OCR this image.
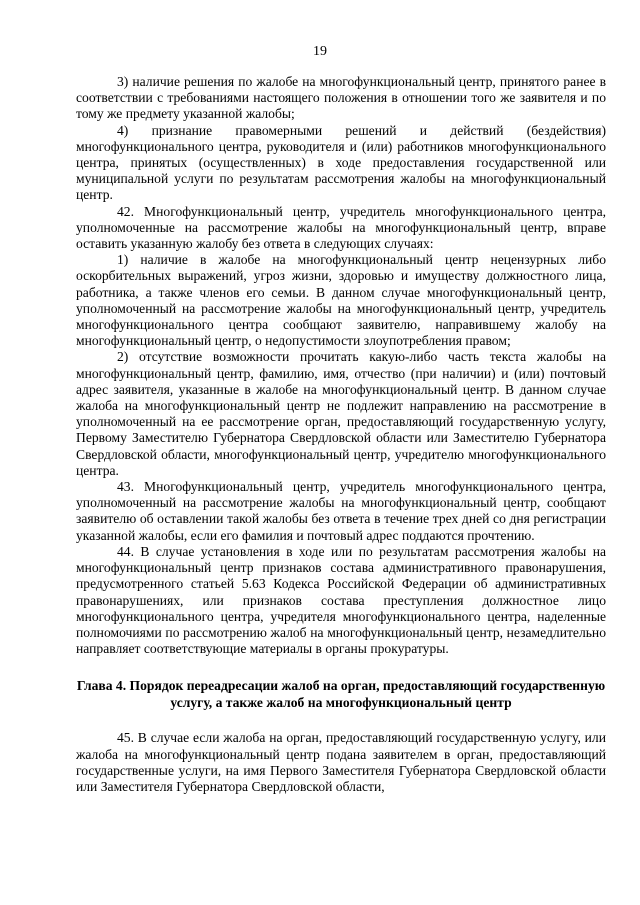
19

3) наличие решения по жалобе на многофункциональный центр, принятого ранее в соответствии с требованиями настоящего положения в отношении того же заявителя и по тому же предмету указанной жалобы;

4) признание правомерными решений и действий (бездействия) многофункционального центра, руководителя и (или) работников многофункционального центра, принятых (осуществленных) в ходе предоставления государственной или муниципальной услуги по результатам рассмотрения жалобы на многофункциональный центр.

42. Многофункциональный центр, учредитель многофункционального центра, уполномоченные на рассмотрение жалобы на многофункциональный центр, вправе оставить указанную жалобу без ответа в следующих случаях:

1) наличие в жалобе на многофункциональный центр нецензурных либо оскорбительных выражений, угроз жизни, здоровью и имуществу должностного лица, работника, а также членов его семьи. В данном случае многофункциональный центр, уполномоченный на рассмотрение жалобы на многофункциональный центр, учредитель многофункционального центра сообщают заявителю, направившему жалобу на многофункциональный центр, о недопустимости злоупотребления правом;

2) отсутствие возможности прочитать какую-либо часть текста жалобы на многофункциональный центр, фамилию, имя, отчество (при наличии) и (или) почтовый адрес заявителя, указанные в жалобе на многофункциональный центр. В данном случае жалоба на многофункциональный центр не подлежит направлению на рассмотрение в уполномоченный на ее рассмотрение орган, предоставляющий государственную услугу, Первому Заместителю Губернатора Свердловской области или Заместителю Губернатора Свердловской области, многофункциональный центр, учредителю многофункционального центра.

43. Многофункциональный центр, учредитель многофункционального центра, уполномоченный на рассмотрение жалобы на многофункциональный центр, сообщают заявителю об оставлении такой жалобы без ответа в течение трех дней со дня регистрации указанной жалобы, если его фамилия и почтовый адрес поддаются прочтению.

44. В случае установления в ходе или по результатам рассмотрения жалобы на многофункциональный центр признаков состава административного правонарушения, предусмотренного статьей 5.63 Кодекса Российской Федерации об административных правонарушениях, или признаков состава преступления должностное лицо многофункционального центра, учредителя многофункционального центра, наделенные полномочиями по рассмотрению жалоб на многофункциональный центр, незамедлительно направляет соответствующие материалы в органы прокуратуры.

Глава 4. Порядок переадресации жалоб на орган, предоставляющий государственную услугу, а также жалоб на многофункциональный центр

45. В случае если жалоба на орган, предоставляющий государственную услугу, или жалоба на многофункциональный центр подана заявителем в орган, предоставляющий государственные услуги, на имя Первого Заместителя Губернатора Свердловской области или Заместителя Губернатора Свердловской области,
